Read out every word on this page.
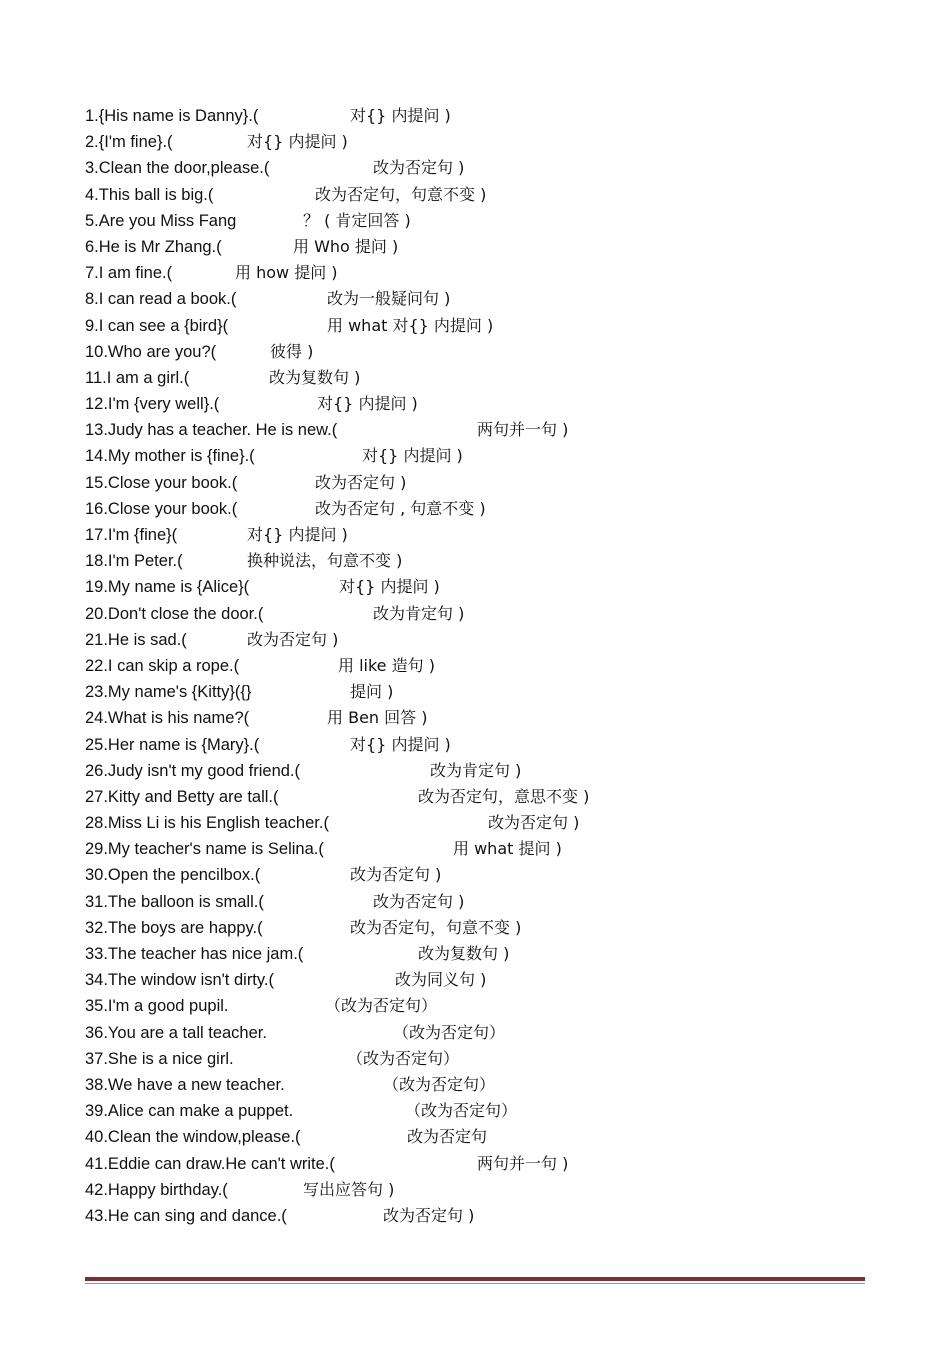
1.{His name is Danny}.(	对{} 内提问 )
2.{I'm fine}.(	对{} 内提问 )
3.Clean the door,please.(	改为否定句 )
4.This ball is big.(	改为否定句，句意不变 )
5.Are you Miss Fang	？ ( 肯定回答 )
6.He is Mr Zhang.(	用 Who 提问 )
7.I am fine.(	用 how 提问 )
8.I can read a book.(	改为一般疑问句 )
9.I can see a {bird}(	用 what 对{} 内提问 )
10.Who are you?(	彼得 )
11.I am a girl.(	改为复数句 )
12.I'm {very well}.(	对{} 内提问 )
13.Judy has a teacher. He is new.(	两句并一句 )
14.My mother is {fine}.(	对{} 内提问 )
15.Close your book.(	改为否定句 )
16.Close your book.(	改为否定句 , 句意不变 )
17.I'm {fine}(	对{} 内提问 )
18.I'm Peter.(	换种说法，句意不变 )
19.My name is {Alice}(	对{} 内提问 )
20.Don't close the door.(	改为肯定句 )
21.He is sad.(	改为否定句 )
22.I can skip a rope.(	用 like 造句 )
23.My name's {Kitty}({}	提问 )
24.What is his name?(	用 Ben 回答 )
25.Her name is {Mary}.(	对{} 内提问 )
26.Judy isn't my good friend.(	改为肯定句 )
27.Kitty and Betty are tall.(	改为否定句，意思不变 )
28.Miss Li is his English teacher.(	改为否定句 )
29.My teacher's name is Selina.(	用 what 提问 )
30.Open the pencilbox.(	改为否定句 )
31.The balloon is small.(	改为否定句 )
32.The boys are happy.(	改为否定句，句意不变 )
33.The teacher has nice jam.(	改为复数句 )
34.The window isn't dirty.(	改为同义句 )
35.I'm a good pupil.	（改为否定句）
36.You are a tall teacher.	（改为否定句）
37.She is a nice girl.	（改为否定句）
38.We have a new teacher.	（改为否定句）
39.Alice can make a puppet.	（改为否定句）
40.Clean the window,please.(	改为否定句
41.Eddie can draw.He can't write.(	两句并一句 )
42.Happy birthday.(	写出应答句 )
43.He can sing and dance.(	改为否定句 )
